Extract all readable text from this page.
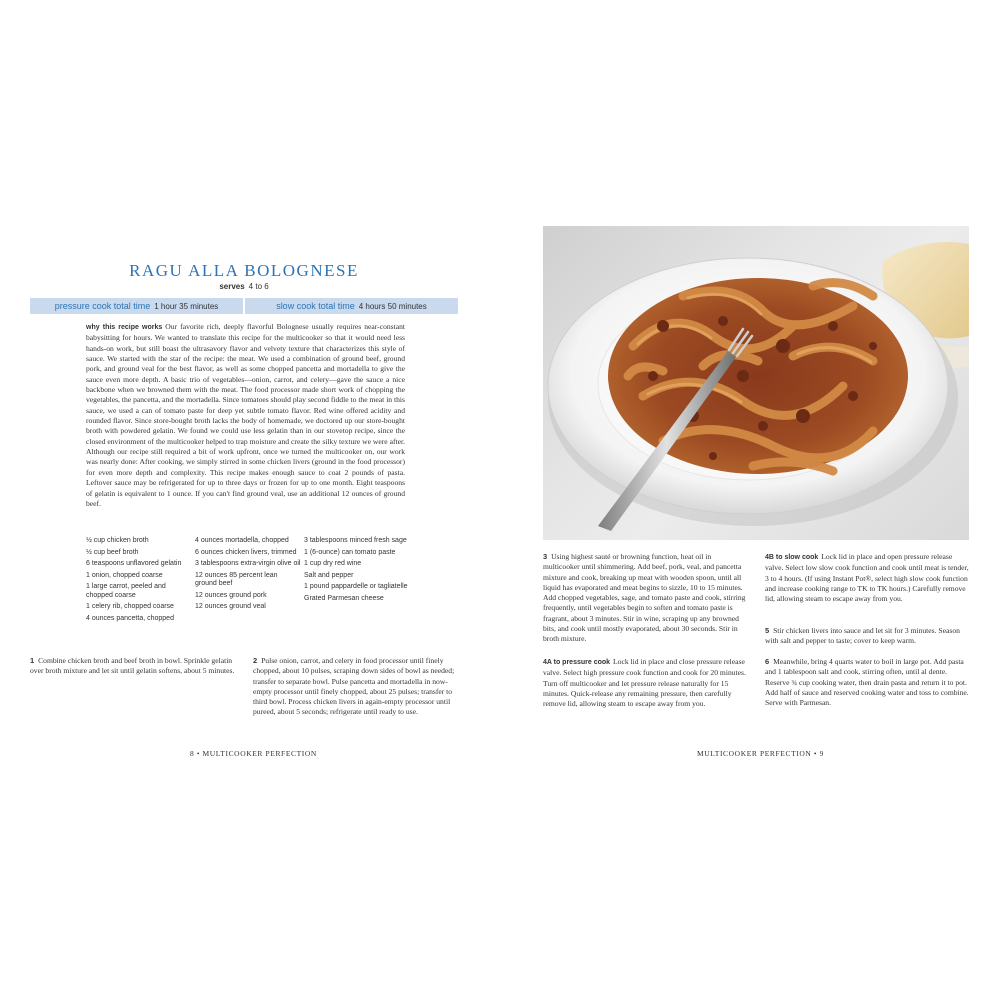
RAGU ALLA BOLOGNESE
serves 4 to 6
pressure cook total time 1 hour 35 minutes	slow cook total time 4 hours 50 minutes

why this recipe works Our favorite rich, deeply flavorful Bolognese usually requires near-constant babysitting for hours. We wanted to translate this recipe for the multicooker so that it would need less hands-on work, but still boast the ultrasavory flavor and velvety texture that characterizes this style of sauce. We started with the star of the recipe: the meat. We used a combination of ground beef, ground pork, and ground veal for the best flavor, as well as some chopped pancetta and mortadella to give the sauce even more depth. A basic trio of vegetables—onion, carrot, and celery—gave the sauce a nice backbone when we browned them with the meat. The food processor made short work of chopping the vegetables, the pancetta, and the mortadella. Since tomatoes should play second fiddle to the meat in this sauce, we used a can of tomato paste for deep yet subtle tomato flavor. Red wine offered acidity and rounded flavor. Since store-bought broth lacks the body of homemade, we doctored up our store-bought broth with powdered gelatin. We found we could use less gelatin than in our stovetop recipe, since the closed environment of the multicooker helped to trap moisture and create the silky texture we were after. Although our recipe still required a bit of work upfront, once we turned the multicooker on, our work was nearly done: After cooking, we simply stirred in some chicken livers (ground in the food processor) for even more depth and complexity. This recipe makes enough sauce to coat 2 pounds of pasta. Leftover sauce may be refrigerated for up to three days or frozen for up to one month. Eight teaspoons of gelatin is equivalent to 1 ounce. If you can't find ground veal, use an additional 12 ounces of ground beef.

½ cup chicken broth
½ cup beef broth
6 teaspoons unflavored gelatin
1 onion, chopped coarse
1 large carrot, peeled and chopped coarse
1 celery rib, chopped coarse
4 ounces pancetta, chopped
4 ounces mortadella, chopped
6 ounces chicken livers, trimmed
3 tablespoons extra-virgin olive oil
12 ounces 85 percent lean ground beef
12 ounces ground pork
12 ounces ground veal
3 tablespoons minced fresh sage
1 (6-ounce) can tomato paste
1 cup dry red wine
Salt and pepper
1 pound pappardelle or tagliatelle
Grated Parmesan cheese

1 Combine chicken broth and beef broth in bowl. Sprinkle gelatin over broth mixture and let sit until gelatin softens, about 5 minutes.

2 Pulse onion, carrot, and celery in food processor until finely chopped, about 10 pulses, scraping down sides of bowl as needed; transfer to separate bowl. Pulse pancetta and mortadella in now-empty processor until finely chopped, about 25 pulses; transfer to third bowl. Process chicken livers in again-empty processor until pureed, about 5 seconds; refrigerate until ready to use.

8 • MULTICOOKER PERFECTION

3 Using highest sauté or browning function, heat oil in multicooker until shimmering. Add beef, pork, veal, and pancetta mixture and cook, breaking up meat with wooden spoon, until all liquid has evaporated and meat begins to sizzle, 10 to 15 minutes. Add chopped vegetables, sage, and tomato paste and cook, stirring frequently, until vegetables begin to soften and tomato paste is fragrant, about 3 minutes. Stir in wine, scraping up any browned bits, and cook until mostly evaporated, about 30 seconds. Stir in broth mixture.

4A to pressure cook Lock lid in place and close pressure release valve. Select high pressure cook function and cook for 20 minutes. Turn off multicooker and let pressure release naturally for 15 minutes. Quick-release any remaining pressure, then carefully remove lid, allowing steam to escape away from you.

4B to slow cook Lock lid in place and open pressure release valve. Select low slow cook function and cook until meat is tender, 3 to 4 hours. (If using Instant Pot®, select high slow cook function and increase cooking range to TK to TK hours.) Carefully remove lid, allowing steam to escape away from you.

5 Stir chicken livers into sauce and let sit for 3 minutes. Season with salt and pepper to taste; cover to keep warm.

6 Meanwhile, bring 4 quarts water to boil in large pot. Add pasta and 1 tablespoon salt and cook, stirring often, until al dente. Reserve ¾ cup cooking water, then drain pasta and return it to pot. Add half of sauce and reserved cooking water and toss to combine. Serve with Parmesan.

MULTICOOKER PERFECTION • 9
